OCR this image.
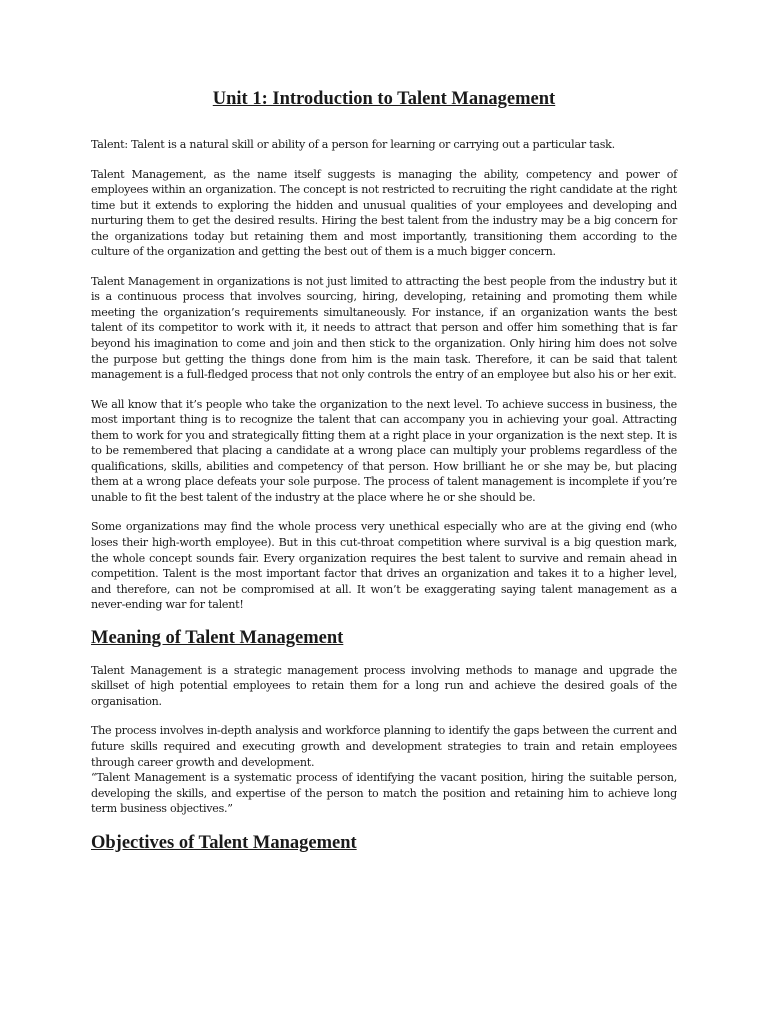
Unit 1: Introduction to Talent Management

Talent: Talent is a natural skill or ability of a person for learning or carrying out a particular task.

Talent Management, as the name itself suggests is managing the ability, competency and power of employees within an organization. The concept is not restricted to recruiting the right candidate at the right time but it extends to exploring the hidden and unusual qualities of your employees and developing and nurturing them to get the desired results. Hiring the best talent from the industry may be a big concern for the organizations today but retaining them and most importantly, transitioning them according to the culture of the organization and getting the best out of them is a much bigger concern.

Talent Management in organizations is not just limited to attracting the best people from the industry but it is a continuous process that involves sourcing, hiring, developing, retaining and promoting them while meeting the organization’s requirements simultaneously. For instance, if an organization wants the best talent of its competitor to work with it, it needs to attract that person and offer him something that is far beyond his imagination to come and join and then stick to the organization. Only hiring him does not solve the purpose but getting the things done from him is the main task. Therefore, it can be said that talent management is a full-fledged process that not only controls the entry of an employee but also his or her exit.

We all know that it’s people who take the organization to the next level. To achieve success in business, the most important thing is to recognize the talent that can accompany you in achieving your goal. Attracting them to work for you and strategically fitting them at a right place in your organization is the next step. It is to be remembered that placing a candidate at a wrong place can multiply your problems regardless of the qualifications, skills, abilities and competency of that person. How brilliant he or she may be, but placing them at a wrong place defeats your sole purpose. The process of talent management is incomplete if you’re unable to fit the best talent of the industry at the place where he or she should be.

Some organizations may find the whole process very unethical especially who are at the giving end (who loses their high-worth employee). But in this cut-throat competition where survival is a big question mark, the whole concept sounds fair. Every organization requires the best talent to survive and remain ahead in competition. Talent is the most important factor that drives an organization and takes it to a higher level, and therefore, can not be compromised at all. It won’t be exaggerating saying talent management as a never-ending war for talent!

Meaning of Talent Management

Talent Management is a strategic management process involving methods to manage and upgrade the skillset of high potential employees to retain them for a long run and achieve the desired goals of the organisation.

The process involves in-depth analysis and workforce planning to identify the gaps between the current and future skills required and executing growth and development strategies to train and retain employees through career growth and development.

“Talent Management is a systematic process of identifying the vacant position, hiring the suitable person, developing the skills, and expertise of the person to match the position and retaining him to achieve long term business objectives.”

Objectives of Talent Management
